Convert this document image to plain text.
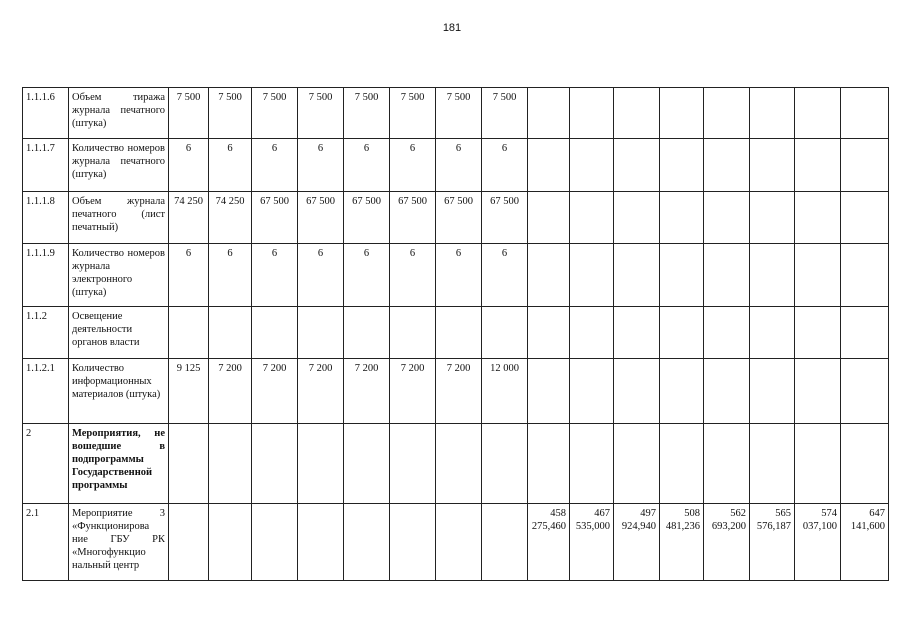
181
1.1.1.6	Объем тиража журнала печатного (штука)	7 500	7 500	7 500	7 500	7 500	7 500	7 500	7 500								
1.1.1.7	Количество номеров журнала печатного (штука)	6	6	6	6	6	6	6	6								
1.1.1.8	Объем журнала печатного (лист печатный)	74 250	74 250	67 500	67 500	67 500	67 500	67 500	67 500								
1.1.1.9	Количество номеров журнала электронного (штука)	6	6	6	6	6	6	6	6								
1.1.2	Освещение деятельности органов власти																
1.1.2.1	Количество информационных материалов (штука)	9 125	7 200	7 200	7 200	7 200	7 200	7 200	12 000								
2	Мероприятия, не вошедшие в подпрограммы Государственной программы																
2.1	Мероприятие 3 «Функционирова ние ГБУ РК «Многофункцио нальный центр									458 275,460	467 535,000	497 924,940	508 481,236	562 693,200	565 576,187	574 037,100	647 141,600
